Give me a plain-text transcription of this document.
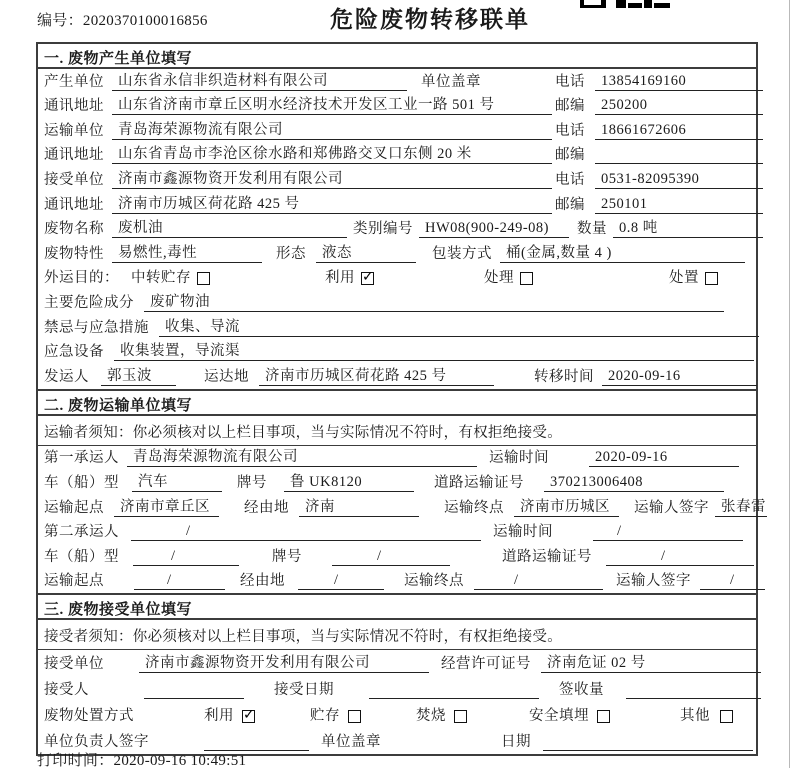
编号：2020370100016856	危险废物转移联单
一. 废物产生单位填写
产生单位 山东省永信非织造材料有限公司	单位盖章	电话	13854169160
通讯地址 山东省济南市章丘区明水经济技术开发区工业一路 501 号	邮编	250200
运输单位 青岛海荣源物流有限公司	电话	18661672606
通讯地址 山东省青岛市李沧区徐水路和郑佛路交叉口东侧 20 米	邮编
接受单位 济南市鑫源物资开发利用有限公司	电话	0531-82095390
通讯地址 济南市历城区荷花路 425 号	邮编	250101
废物名称 废机油	类别编号 HW08(900-249-08)	数量 0.8 吨
废物特性 易燃性,毒性	形态	液态	包装方式 桶(金属,数量 4 )
外运目的： 中转贮存	利用 ✓	处理	处置
主要危险成分	废矿物油
禁忌与应急措施	收集、导流
应急设备	收集装置，导流渠
发运人	郭玉波	运达地	济南市历城区荷花路 425 号	转移时间 2020-09-16
二. 废物运输单位填写
运输者须知：你必须核对以上栏目事项，当与实际情况不符时，有权拒绝接受。
第一承运人 青岛海荣源物流有限公司	运输时间	2020-09-16
车（船）型	汽车	牌号	鲁 UK8120	道路运输证号	370213006408
运输起点	济南市章丘区	经由地	济南	运输终点	济南市历城区	运输人签字 张春雷
第二承运人	/	运输时间	/
车（船）型	/	牌号	/	道路运输证号	/
运输起点	/	经由地	/	运输终点	/	运输人签字	/
三. 废物接受单位填写
接受者须知：你必须核对以上栏目事项，当与实际情况不符时，有权拒绝接受。
接受单位	济南市鑫源物资开发利用有限公司	经营许可证号	济南危证 02 号
接受人	接受日期	签收量
废物处置方式	利用 ✓	贮存	焚烧	安全填埋	其他
单位负责人签字	单位盖章	日期
打印时间：2020-09-16 10:49:51
